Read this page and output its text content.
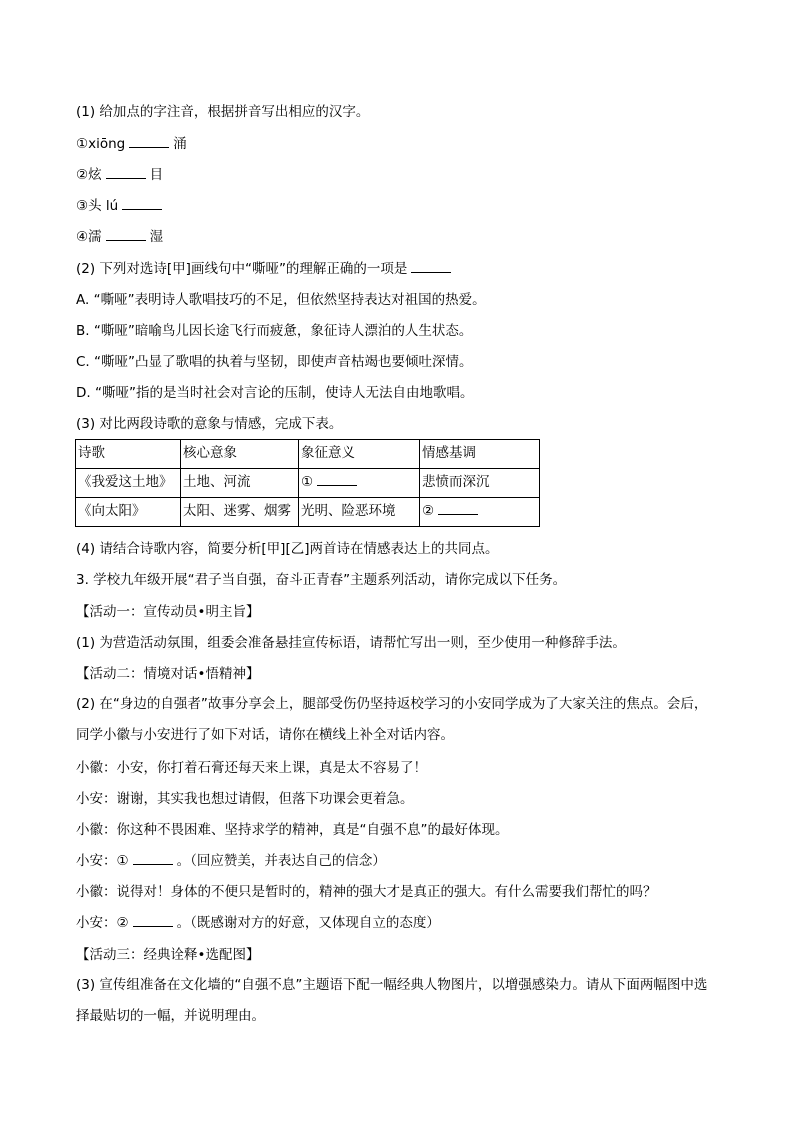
(1) 给加点的字注音，根据拼音写出相应的汉字。
①xiōng	涌
②炫	目
③头 lú
④濡	湿
(2) 下列对选诗[甲]画线句中“嘶哑”的理解正确的一项是
A. “嘶哑”表明诗人歌唱技巧的不足，但依然坚持表达对祖国的热爱。
B. “嘶哑”暗喻鸟儿因长途飞行而疲惫，象征诗人漂泊的人生状态。
C. “嘶哑”凸显了歌唱的执着与坚韧，即使声音枯竭也要倾吐深情。
D. “嘶哑”指的是当时社会对言论的压制，使诗人无法自由地歌唱。
(3) 对比两段诗歌的意象与情感，完成下表。
诗歌	核心意象	象征意义	情感基调
《我爱这土地》	土地、河流	①	悲愤而深沉
《向太阳》	太阳、迷雾、烟雾	光明、险恶环境	②
(4) 请结合诗歌内容，简要分析[甲][乙]两首诗在情感表达上的共同点。
3. 学校九年级开展“君子当自强，奋斗正青春”主题系列活动，请你完成以下任务。
【活动一：宣传动员•明主旨】
(1) 为营造活动氛围，组委会准备悬挂宣传标语，请帮忙写出一则，至少使用一种修辞手法。
【活动二：情境对话•悟精神】
(2) 在“身边的自强者”故事分享会上，腿部受伤仍坚持返校学习的小安同学成为了大家关注的焦点。会后，同学小徽与小安进行了如下对话，请你在横线上补全对话内容。
小徽：小安，你打着石膏还每天来上课，真是太不容易了！
小安：谢谢，其实我也想过请假，但落下功课会更着急。
小徽：你这种不畏困难、坚持求学的精神，真是“自强不息”的最好体现。
小安：①	。（回应赞美，并表达自己的信念）
小徽：说得对！身体的不便只是暂时的，精神的强大才是真正的强大。有什么需要我们帮忙的吗？
小安：②	。（既感谢对方的好意，又体现自立的态度）
【活动三：经典诠释•选配图】
(3) 宣传组准备在文化墙的“自强不息”主题语下配一幅经典人物图片，以增强感染力。请从下面两幅图中选择最贴切的一幅，并说明理由。
